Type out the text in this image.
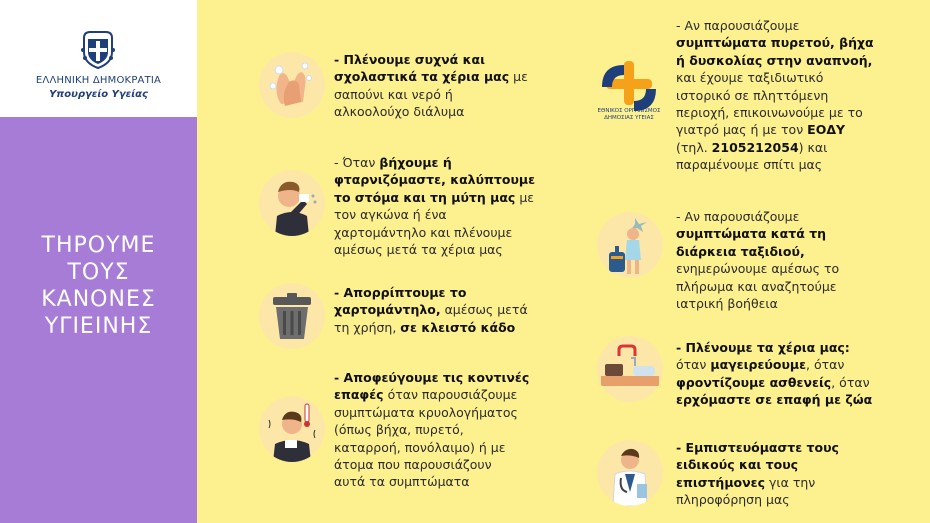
ΕΛΛΗΝΙΚΗ ΔΗΜΟΚΡΑΤΙΑ
Υπουργείο Υγείας
ΤΗΡΟΥΜΕ
ΤΟΥΣ
ΚΑΝΟΝΕΣ
ΥΓΙΕΙΝΗΣ
ΕΘΝΙΚΟΣ ΟΡΓΑΝΙΣΜΟΣ
ΔΗΜΟΣΙΑΣ ΥΓΕΙΑΣ
- Πλένουμε συχνά και
σχολαστικά τα χέρια μας με
σαπούνι και νερό ή
αλκοολούχο διάλυμα
- Όταν βήχουμε ή
φταρνιζόμαστε, καλύπτουμε
το στόμα και τη μύτη μας με
τον αγκώνα ή ένα
χαρτομάντηλο και πλένουμε
αμέσως μετά τα χέρια μας
- Απορρίπτουμε το
χαρτομάντηλο, αμέσως μετά
τη χρήση, σε κλειστό κάδο
- Αποφεύγουμε τις κοντινές
επαφές όταν παρουσιάζουμε
συμπτώματα κρυολογήματος
(όπως βήχα, πυρετό,
καταρροή, πονόλαιμο) ή με
άτομα που παρουσιάζουν
αυτά τα συμπτώματα
- Αν παρουσιάζουμε
συμπτώματα πυρετού, βήχα
ή δυσκολίας στην αναπνοή,
και έχουμε ταξιδιωτικό
ιστορικό σε πληττόμενη
περιοχή, επικοινωνούμε με το
γιατρό μας ή με τον ΕΟΔΥ
(τηλ. 2105212054) και
παραμένουμε σπίτι μας
- Αν παρουσιάζουμε
συμπτώματα κατά τη
διάρκεια ταξιδιού,
ενημερώνουμε αμέσως το
πλήρωμα και αναζητούμε
ιατρική βοήθεια
- Πλένουμε τα χέρια μας:
όταν μαγειρεύουμε, όταν
φροντίζουμε ασθενείς, όταν
ερχόμαστε σε επαφή με ζώα
- Εμπιστευόμαστε τους
ειδικούς και τους
επιστήμονες για την
πληροφόρηση μας
